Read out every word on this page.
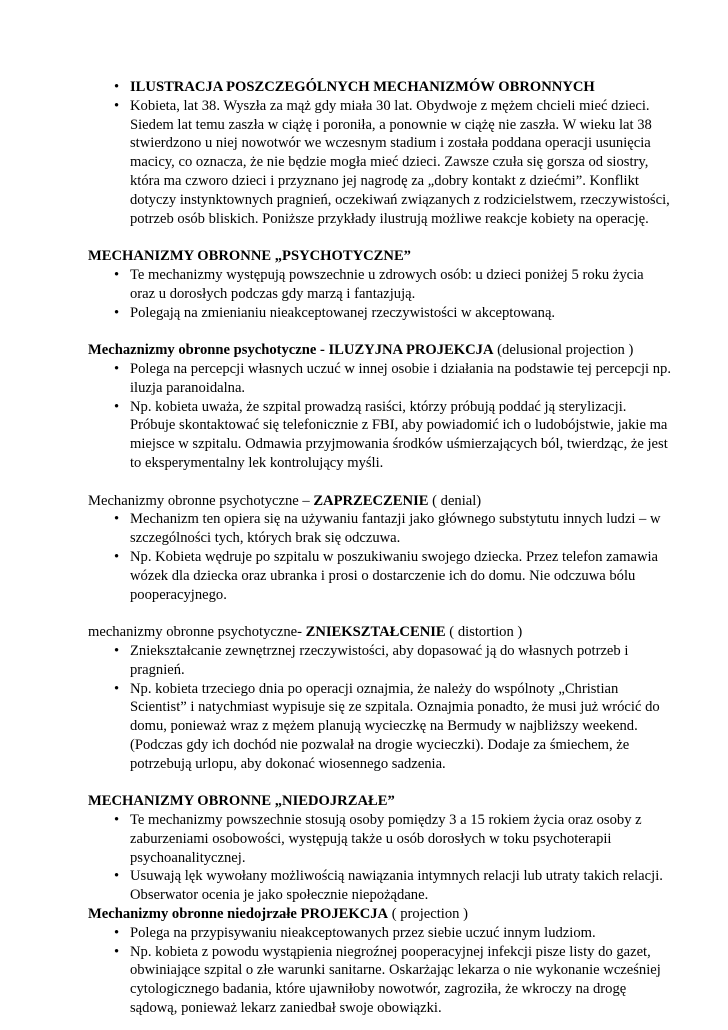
• ILUSTRACJA POSZCZEGÓLNYCH MECHANIZMÓW OBRONNYCH
• Kobieta, lat 38. Wyszła za mąż gdy miała 30 lat. Obydwoje z mężem chcieli mieć dzieci. Siedem lat temu zaszła w ciążę i poroniła, a ponownie w ciążę nie zaszła. W wieku lat 38 stwierdzono u niej nowotwór we wczesnym stadium i została poddana operacji usunięcia macicy, co oznacza, że nie będzie mogła mieć dzieci. Zawsze czuła się gorsza od siostry, która ma czworo dzieci i przyznano jej nagrodę za „dobry kontakt z dziećmi”. Konflikt dotyczy instynktownych pragnień, oczekiwań związanych z rodzicielstwem, rzeczywistości, potrzeb osób bliskich. Poniższe przykłady ilustrują możliwe reakcje kobiety na operację.
MECHANIZMY OBRONNE „PSYCHOTYCZNE”
• Te mechanizmy występują powszechnie u zdrowych osób: u dzieci poniżej 5 roku życia oraz u dorosłych podczas gdy marzą i fantazjują.
• Polegają na zmienianiu nieakceptowanej rzeczywistości w akceptowaną.
Mechaznizmy obronne psychotyczne - ILUZYJNA PROJEKCJA (delusional projection )
• Polega na percepcji własnych uczuć w innej osobie i działania na podstawie tej percepcji np. iluzja paranoidalna.
• Np. kobieta uważa, że szpital prowadzą rasiści, którzy próbują poddać ją sterylizacji. Próbuje skontaktować się telefonicznie z FBI, aby powiadomić ich o ludobójstwie, jakie ma miejsce w szpitalu. Odmawia przyjmowania środków uśmierzających ból, twierdząc, że jest to eksperymentalny lek kontrolujący myśli.
Mechanizmy obronne psychotyczne – ZAPRZECZENIE ( denial)
• Mechanizm ten opiera się na używaniu fantazji jako głównego substytutu innych ludzi – w szczególności tych, których brak się odczuwa.
• Np. Kobieta wędruje po szpitalu w poszukiwaniu swojego dziecka. Przez telefon zamawia wózek dla dziecka oraz ubranka i prosi o dostarczenie ich do domu. Nie odczuwa bólu pooperacyjnego.
mechanizmy obronne psychotyczne- ZNIEKSZTAŁCENIE ( distortion )
• Zniekształcanie zewnętrznej rzeczywistości, aby dopasować ją do własnych potrzeb i pragnień.
• Np. kobieta trzeciego dnia po operacji oznajmia, że należy do wspólnoty „Christian Scientist” i natychmiast wypisuje się ze szpitala. Oznajmia ponadto, że musi już wrócić do domu, ponieważ wraz z mężem planują wycieczkę na Bermudy w najbliższy weekend. (Podczas gdy ich dochód nie pozwalał na drogie wycieczki). Dodaje za śmiechem, że potrzebują urlopu, aby dokonać wiosennego sadzenia.
MECHANIZMY OBRONNE „NIEDOJRZAŁE”
• Te mechanizmy powszechnie stosują osoby pomiędzy 3 a 15 rokiem życia oraz osoby z zaburzeniami osobowości, występują także u osób dorosłych w toku psychoterapii psychoanalitycznej.
• Usuwają lęk wywołany możliwością nawiązania intymnych relacji lub utraty takich relacji. Obserwator ocenia je jako społecznie niepożądane.
Mechanizmy obronne niedojrzałe PROJEKCJA ( projection )
• Polega na przypisywaniu nieakceptowanych przez siebie uczuć innym ludziom.
• Np. kobieta z powodu wystąpienia niegroźnej pooperacyjnej infekcji pisze listy do gazet, obwiniające szpital o złe warunki sanitarne. Oskarżając lekarza o nie wykonanie wcześniej cytologicznego badania, które ujawniłoby nowotwór, zagroziła, że wkroczy na drogę sądową, ponieważ lekarz zaniedbał swoje obowiązki.
